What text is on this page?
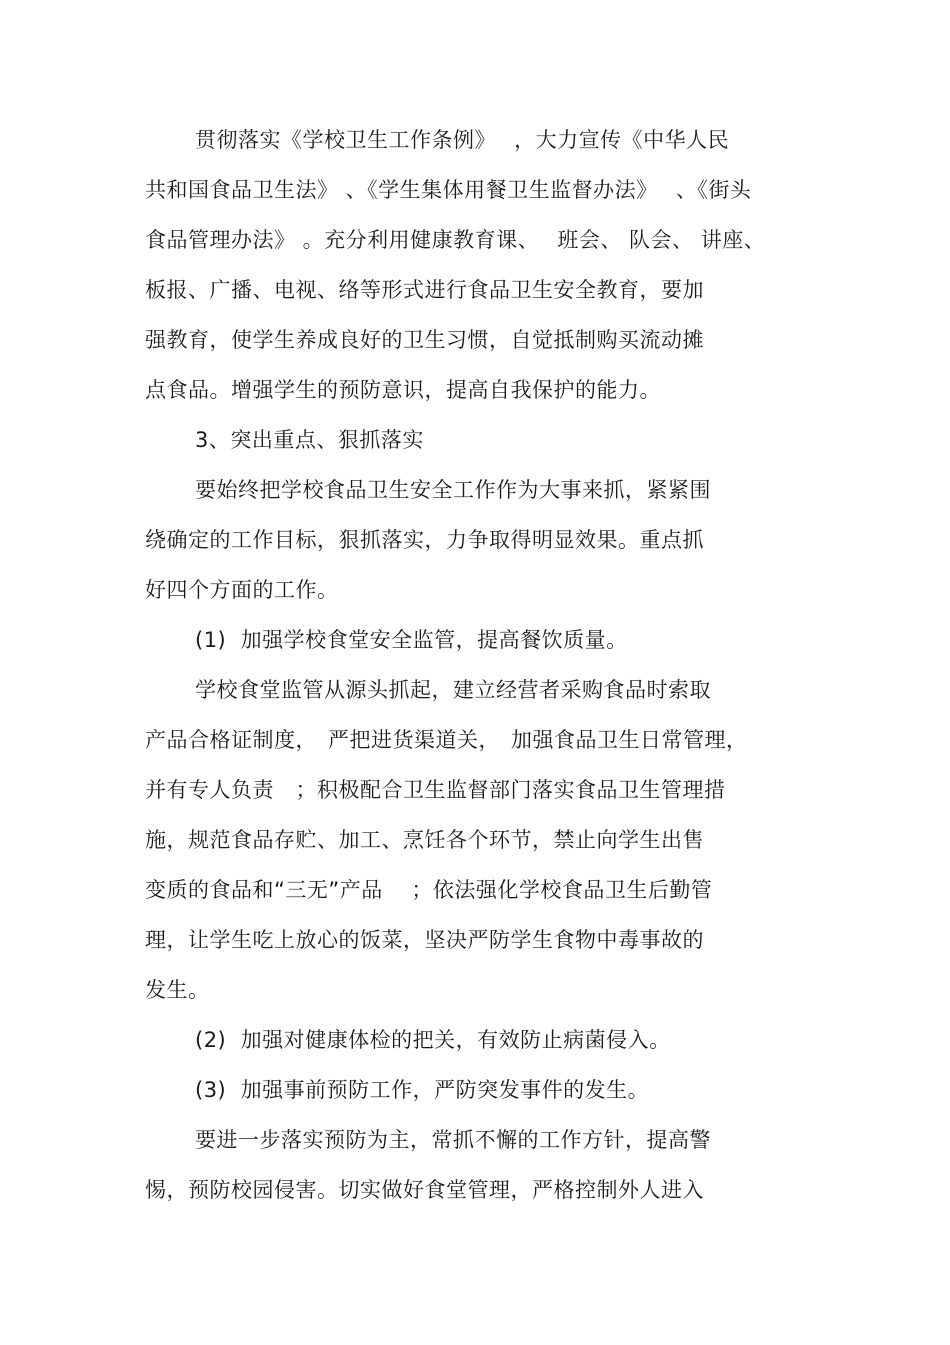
贯彻落实《学校卫生工作条例》　 ，大力宣传《中华人民
共和国食品卫生法》 、《学生集体用餐卫生监督办法》　 、《街头
食品管理办法》 。充分利用健康教育课、　 班会、 队会、 讲座、
板报、广播、电视、络等形式进行食品卫生安全教育，要加
强教育，使学生养成良好的卫生习惯，自觉抵制购买流动摊
点食品。增强学生的预防意识，提高自我保护的能力。
3、突出重点、狠抓落实
要始终把学校食品卫生安全工作作为大事来抓，紧紧围
绕确定的工作目标，狠抓落实，力争取得明显效果。重点抓
好四个方面的工作。
(1)  加强学校食堂安全监管，提高餐饮质量。
学校食堂监管从源头抓起，建立经营者采购食品时索取
产品合格证制度，　严把进货渠道关，　加强食品卫生日常管理，
并有专人负责　；积极配合卫生监督部门落实食品卫生管理措
施，规范食品存贮、加工、烹饪各个环节，禁止向学生出售
变质的食品和“三无”产品　 ；依法强化学校食品卫生后勤管
理，让学生吃上放心的饭菜，坚决严防学生食物中毒事故的
发生。
(2)  加强对健康体检的把关，有效防止病菌侵入。
(3)  加强事前预防工作，严防突发事件的发生。
要进一步落实预防为主，常抓不懈的工作方针，提高警
惕，预防校园侵害。切实做好食堂管理，严格控制外人进入
